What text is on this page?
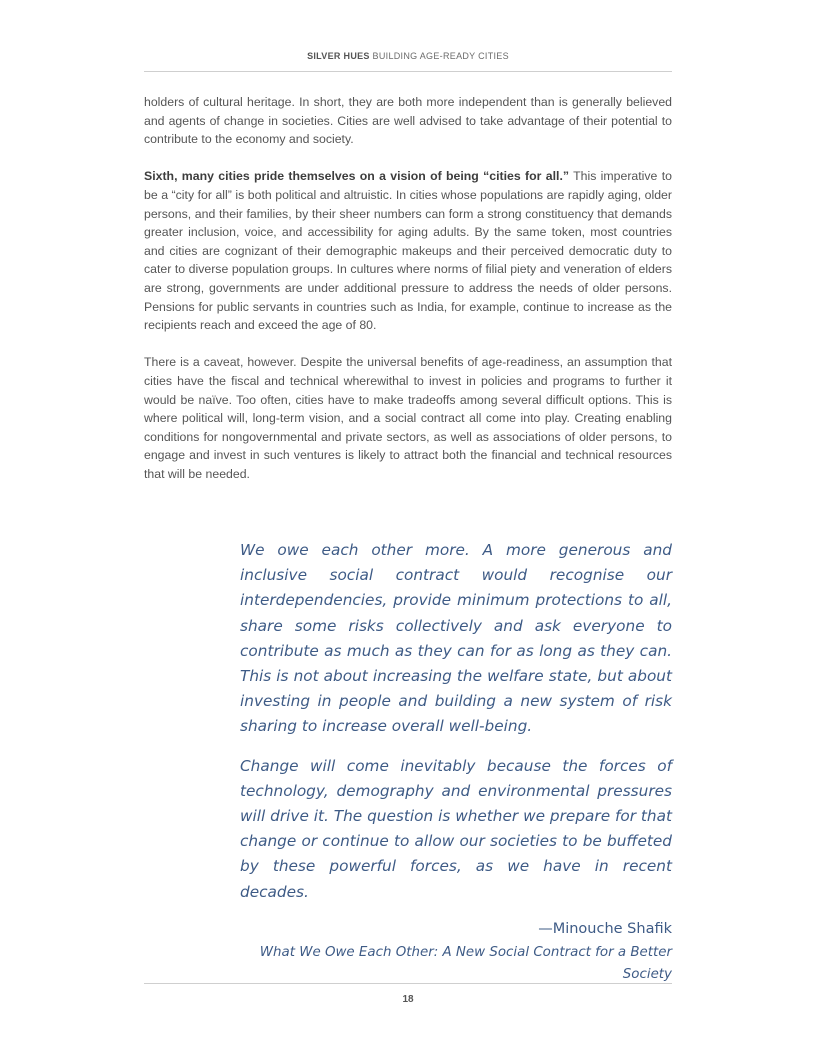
SILVER HUES BUILDING AGE-READY CITIES

holders of cultural heritage. In short, they are both more independent than is generally believed and agents of change in societies. Cities are well advised to take advantage of their potential to contribute to the economy and society.

Sixth, many cities pride themselves on a vision of being “cities for all.” This imperative to be a “city for all” is both political and altruistic. In cities whose populations are rapidly aging, older persons, and their families, by their sheer numbers can form a strong constituency that demands greater inclusion, voice, and accessibility for aging adults. By the same token, most countries and cities are cognizant of their demographic makeups and their perceived democratic duty to cater to diverse population groups. In cultures where norms of filial piety and veneration of elders are strong, governments are under additional pressure to address the needs of older persons. Pensions for public servants in countries such as India, for example, continue to increase as the recipients reach and exceed the age of 80.

There is a caveat, however. Despite the universal benefits of age-readiness, an assumption that cities have the fiscal and technical wherewithal to invest in policies and programs to further it would be naïve. Too often, cities have to make tradeoffs among several difficult options. This is where political will, long-term vision, and a social contract all come into play. Creating enabling conditions for nongovernmental and private sectors, as well as associations of older persons, to engage and invest in such ventures is likely to attract both the financial and technical resources that will be needed.

We owe each other more. A more generous and inclusive social contract would recognise our interdependencies, provide minimum protections to all, share some risks collectively and ask everyone to contribute as much as they can for as long as they can. This is not about increasing the welfare state, but about investing in people and building a new system of risk sharing to increase overall well-being.

Change will come inevitably because the forces of technology, demography and environmental pressures will drive it. The question is whether we prepare for that change or continue to allow our societies to be buffeted by these powerful forces, as we have in recent decades.

—Minouche Shafik
What We Owe Each Other: A New Social Contract for a Better Society
18
